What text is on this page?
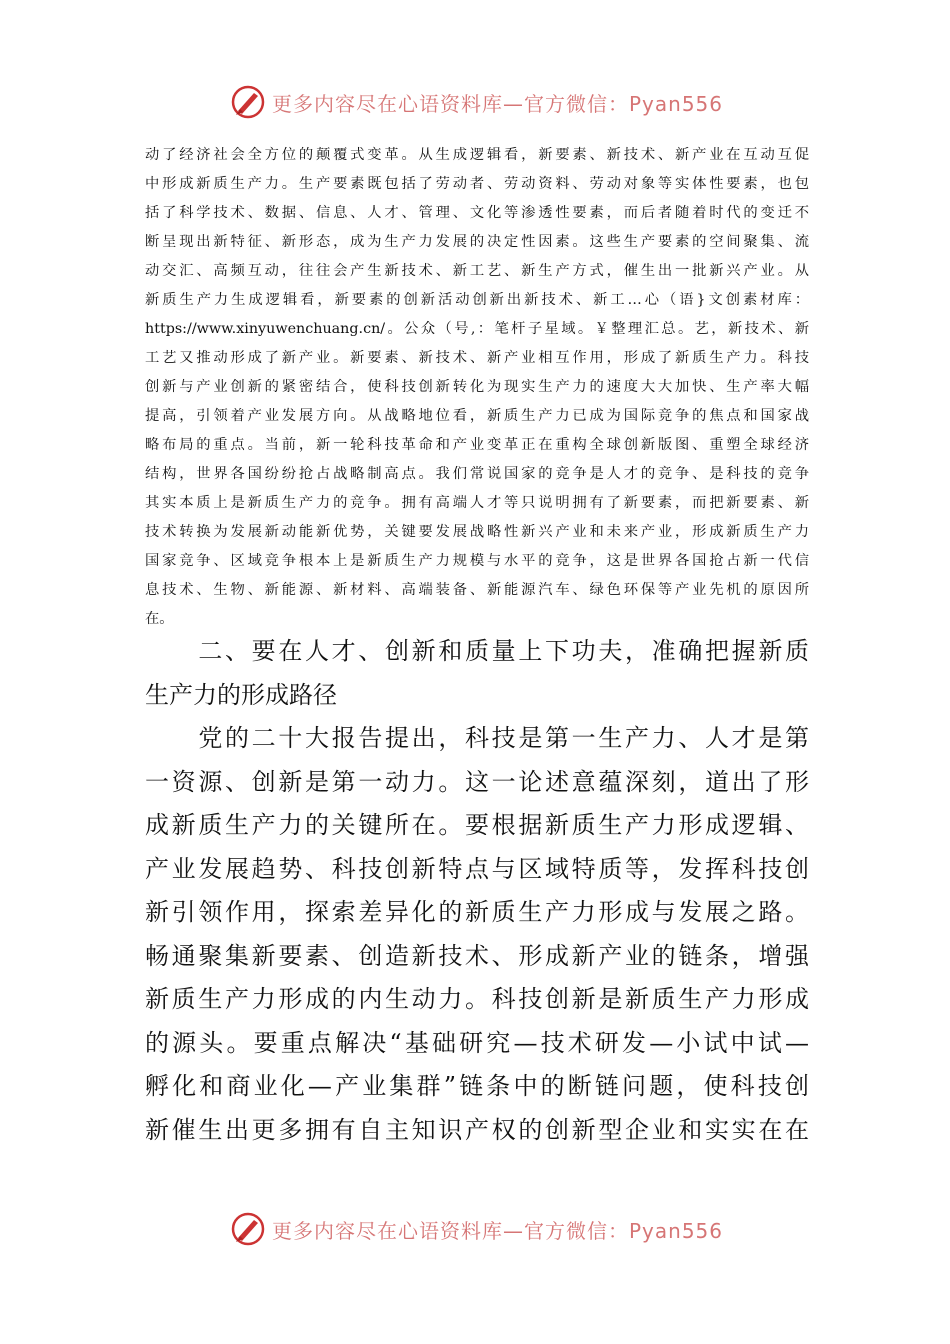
更多内容尽在心语资料库—官方微信：Pyan556

动了经济社会全方位的颠覆式变革。从生成逻辑看，新要素、新技术、新产业在互动互促

中形成新质生产力。生产要素既包括了劳动者、劳动资料、劳动对象等实体性要素，也包

括了科学技术、数据、信息、人才、管理、文化等渗透性要素，而后者随着时代的变迁不

断呈现出新特征、新形态，成为生产力发展的决定性因素。这些生产要素的空间聚集、流

动交汇、高频互动，往往会产生新技术、新工艺、新生产方式，催生出一批新兴产业。从

新质生产力生成逻辑看，新要素的创新活动创新出新技术、新工…心（语}文创素材库：

https://www.xinyuwenchuang.cn/。公众（号,：笔杆子星域。￥整理汇总。艺，新技术、新

工艺又推动形成了新产业。新要素、新技术、新产业相互作用，形成了新质生产力。科技

创新与产业创新的紧密结合，使科技创新转化为现实生产力的速度大大加快、生产率大幅

提高，引领着产业发展方向。从战略地位看，新质生产力已成为国际竞争的焦点和国家战

略布局的重点。当前，新一轮科技革命和产业变革正在重构全球创新版图、重塑全球经济

结构，世界各国纷纷抢占战略制高点。我们常说国家的竞争是人才的竞争、是科技的竞争

其实本质上是新质生产力的竞争。拥有高端人才等只说明拥有了新要素，而把新要素、新

技术转换为发展新动能新优势，关键要发展战略性新兴产业和未来产业，形成新质生产力

国家竞争、区域竞争根本上是新质生产力规模与水平的竞争，这是世界各国抢占新一代信

息技术、生物、新能源、新材料、高端装备、新能源汽车、绿色环保等产业先机的原因所

在。

　　二、要在人才、创新和质量上下功夫，准确把握新质

生产力的形成路径

　　党的二十大报告提出，科技是第一生产力、人才是第

一资源、创新是第一动力。这一论述意蕴深刻，道出了形

成新质生产力的关键所在。要根据新质生产力形成逻辑、

产业发展趋势、科技创新特点与区域特质等，发挥科技创

新引领作用，探索差异化的新质生产力形成与发展之路。

畅通聚集新要素、创造新技术、形成新产业的链条，增强

新质生产力形成的内生动力。科技创新是新质生产力形成

的源头。要重点解决“基础研究—技术研发—小试中试—

孵化和商业化—产业集群”链条中的断链问题，使科技创

新催生出更多拥有自主知识产权的创新型企业和实实在在

更多内容尽在心语资料库—官方微信：Pyan556
